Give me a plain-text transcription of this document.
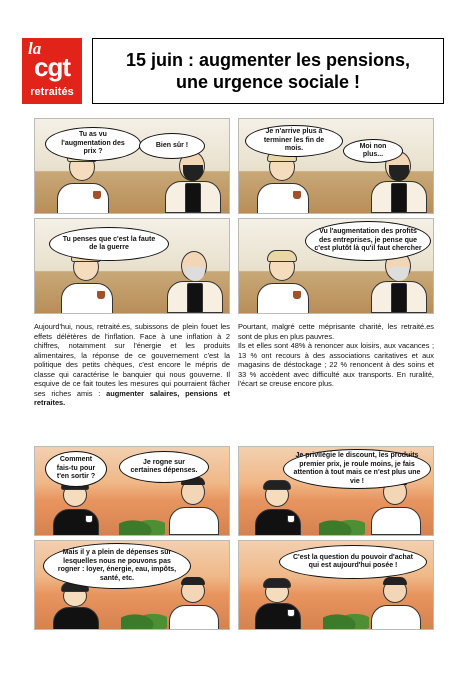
la
cgt
retraités
15 juin : augmenter les pensions,
une urgence sociale !
Tu as vu l'augmentation des prix ?
Bien sûr !
Je n'arrive plus à terminer les fin de mois.	Moi non plus...
Tu penses que c'est la faute de la guerre
Vu l'augmentation des profits des entreprises, je pense que c'est plutôt là qu'il faut chercher
Aujourd'hui, nous, retraité.es, subissons de plein fouet les effets délétères de l'inflation. Face à une inflation à 2 chiffres, notamment sur l'énergie et les produits alimentaires, la réponse de ce gouvernement c'est la politique des petits chèques, c'est encore le mépris de classe qui caractérise le banquier qui nous gouverne. Il esquive de ce fait toutes les mesures qui pourraient fâcher ses riches amis : augmenter salaires, pensions et retraites.
Pourtant, malgré cette méprisante charité, les retraité.es sont de plus en plus pauvres.
Ils et elles sont 48% à renoncer aux loisirs, aux vacances ; 13 % ont recours à des associations caritatives et aux magasins de déstockage ; 22 % renoncent à des soins et 33 % accèdent avec difficulté aux transports. En ruralité, l'écart se creuse encore plus.
Comment fais-tu pour t'en sortir ?
Je rogne sur certaines dépenses.
Je privilégie le discount, les produits premier prix, je roule moins, je fais attention à tout mais ce n'est plus une vie !
Mais il y a plein de dépenses sur lesquelles nous ne pouvons pas rogner : loyer, énergie, eau, impôts, santé, etc.
C'est la question du pouvoir d'achat qui est aujourd'hui posée !
